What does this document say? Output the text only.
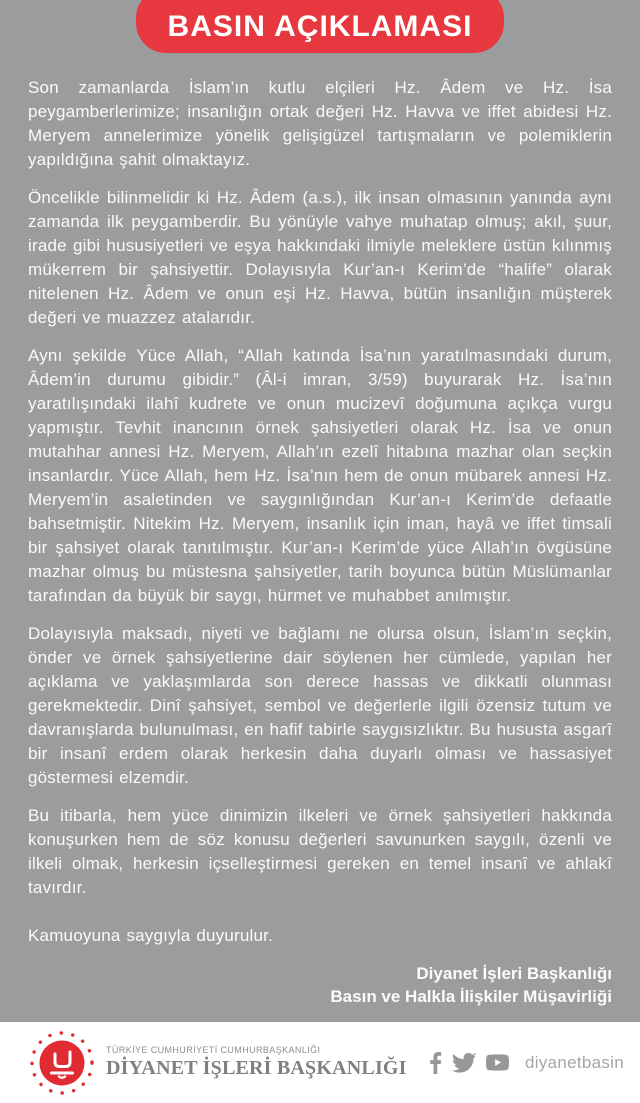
BASIN AÇIKLAMASI

Son zamanlarda İslam’ın kutlu elçileri Hz. Âdem ve Hz. İsa peygamberlerimize; insanlığın ortak değeri Hz. Havva ve iffet abidesi Hz. Meryem annelerimize yönelik gelişigüzel tartışmaların ve polemiklerin yapıldığına şahit olmaktayız.

Öncelikle bilinmelidir ki Hz. Âdem (a.s.), ilk insan olmasının yanında aynı zamanda ilk peygamberdir. Bu yönüyle vahye muhatap olmuş; akıl, şuur, irade gibi hususiyetleri ve eşya hakkındaki ilmiyle meleklere üstün kılınmış mükerrem bir şahsiyettir. Dolayısıyla Kur’an-ı Kerim’de “halife” olarak nitelenen Hz. Âdem ve onun eşi Hz. Havva, bütün insanlığın müşterek değeri ve muazzez atalarıdır.

Aynı şekilde Yüce Allah, “Allah katında İsa’nın yaratılmasındaki durum, Âdem’in durumu gibidir.” (Âl-i imran, 3/59) buyurarak Hz. İsa’nın yaratılışındaki ilahî kudrete ve onun mucizevî doğumuna açıkça vurgu yapmıştır. Tevhit inancının örnek şahsiyetleri olarak Hz. İsa ve onun mutahhar annesi Hz. Meryem, Allah’ın ezelî hitabına mazhar olan seçkin insanlardır. Yüce Allah, hem Hz. İsa’nın hem de onun mübarek annesi Hz. Meryem’in asaletinden ve saygınlığından Kur’an-ı Kerim’de defaatle bahsetmiştir. Nitekim Hz. Meryem, insanlık için iman, hayâ ve iffet timsali bir şahsiyet olarak tanıtılmıştır. Kur’an-ı Kerim’de yüce Allah’ın övgüsüne mazhar olmuş bu müstesna şahsiyetler, tarih boyunca bütün Müslümanlar tarafından da büyük bir saygı, hürmet ve muhabbet anılmıştır.

Dolayısıyla maksadı, niyeti ve bağlamı ne olursa olsun, İslam’ın seçkin, önder ve örnek şahsiyetlerine dair söylenen her cümlede, yapılan her açıklama ve yaklaşımlarda son derece hassas ve dikkatli olunması gerekmektedir. Dinî şahsiyet, sembol ve değerlerle ilgili özensiz tutum ve davranışlarda bulunulması, en hafif tabirle saygısızlıktır. Bu hususta asgarî bir insanî erdem olarak herkesin daha duyarlı olması ve hassasiyet göstermesi elzemdir.

Bu itibarla, hem yüce dinimizin ilkeleri ve örnek şahsiyetleri hakkında konuşurken hem de söz konusu değerleri savunurken saygılı, özenli ve ilkeli olmak, herkesin içselleştirmesi gereken en temel insanî ve ahlakî tavırdır.

Kamuoyuna saygıyla duyurulur.

Diyanet İşleri Başkanlığı
Basın ve Halkla İlişkiler Müşavirliği
TÜRKİYE CUMHURİYETİ CUMHURBAŞKANLIĞI
DİYANET İŞLERİ BAŞKANLIĞI	diyanetbasin
